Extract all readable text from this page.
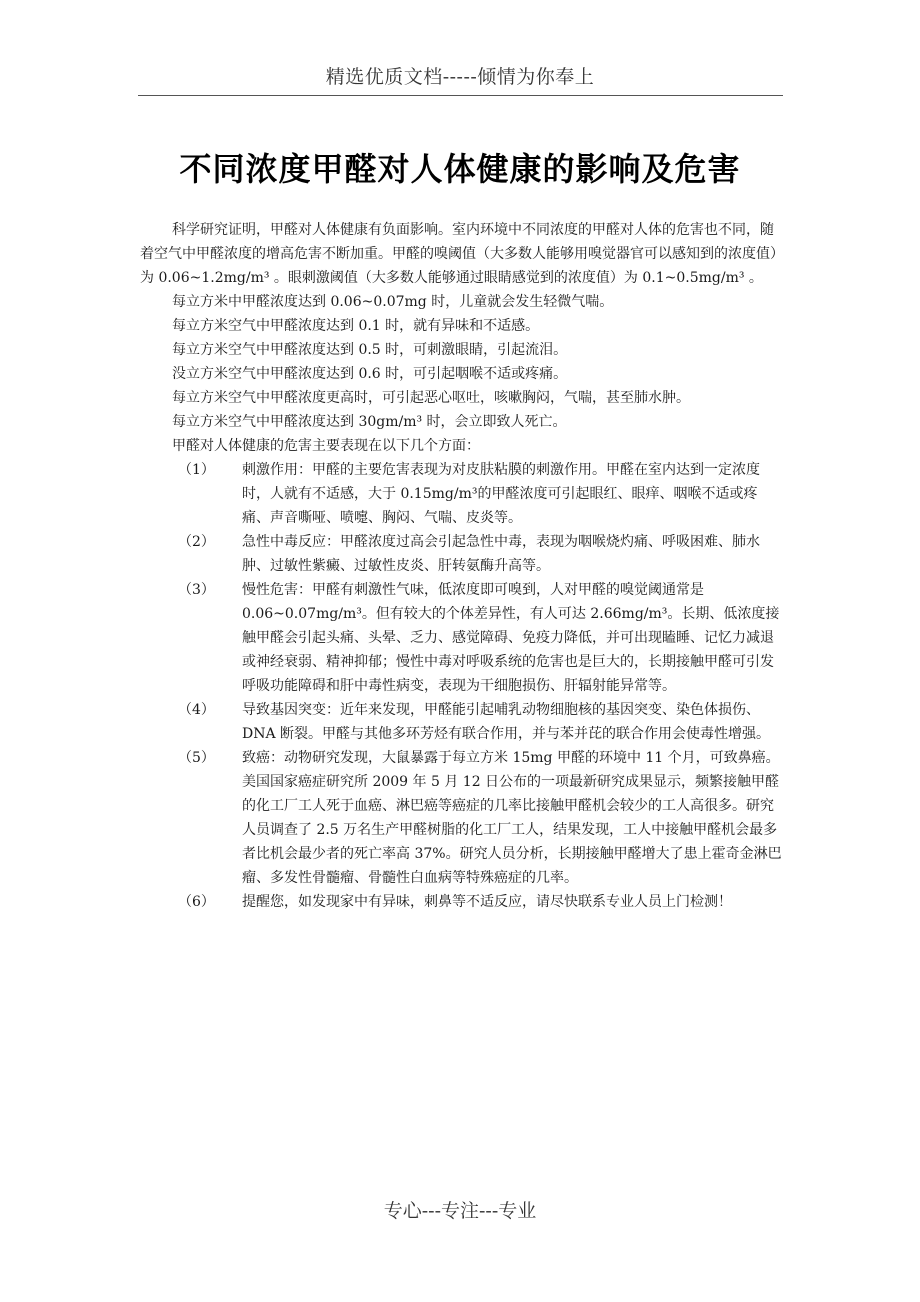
精选优质文档-----倾情为你奉上
不同浓度甲醛对人体健康的影响及危害

科学研究证明，甲醛对人体健康有负面影响。室内环境中不同浓度的甲醛对人体的危害也不同，随着空气中甲醛浓度的增高危害不断加重。甲醛的嗅阈值（大多数人能够用嗅觉器官可以感知到的浓度值）为 0.06~1.2mg/m³ 。眼刺激阈值（大多数人能够通过眼睛感觉到的浓度值）为 0.1~0.5mg/m³ 。

每立方米中甲醛浓度达到 0.06~0.07mg 时，儿童就会发生轻微气喘。

每立方米空气中甲醛浓度达到 0.1 时，就有异味和不适感。

每立方米空气中甲醛浓度达到 0.5 时，可刺激眼睛，引起流泪。

没立方米空气中甲醛浓度达到 0.6 时，可引起咽喉不适或疼痛。

每立方米空气中甲醛浓度更高时，可引起恶心呕吐，咳嗽胸闷，气喘，甚至肺水肿。

每立方米空气中甲醛浓度达到 30gm/m³ 时，会立即致人死亡。

甲醛对人体健康的危害主要表现在以下几个方面：

（1）	刺激作用：甲醛的主要危害表现为对皮肤粘膜的刺激作用。甲醛在室内达到一定浓度时，人就有不适感，大于 0.15mg/m³的甲醛浓度可引起眼红、眼痒、咽喉不适或疼痛、声音嘶哑、喷嚏、胸闷、气喘、皮炎等。
（2）	急性中毒反应：甲醛浓度过高会引起急性中毒，表现为咽喉烧灼痛、呼吸困难、肺水肿、过敏性紫癜、过敏性皮炎、肝转氨酶升高等。
（3）	慢性危害：甲醛有刺激性气味，低浓度即可嗅到，人对甲醛的嗅觉阈通常是 0.06~0.07mg/m³。但有较大的个体差异性，有人可达 2.66mg/m³。长期、低浓度接触甲醛会引起头痛、头晕、乏力、感觉障碍、免疫力降低，并可出现瞌睡、记忆力减退或神经衰弱、精神抑郁；慢性中毒对呼吸系统的危害也是巨大的，长期接触甲醛可引发呼吸功能障碍和肝中毒性病变，表现为干细胞损伤、肝辐射能异常等。
（4）	导致基因突变：近年来发现，甲醛能引起哺乳动物细胞核的基因突变、染色体损伤、DNA 断裂。甲醛与其他多环芳烃有联合作用，并与苯并芘的联合作用会使毒性增强。
（5）	致癌：动物研究发现，大鼠暴露于每立方米 15mg 甲醛的环境中 11 个月，可致鼻癌。美国国家癌症研究所 2009 年 5 月 12 日公布的一项最新研究成果显示，频繁接触甲醛的化工厂工人死于血癌、淋巴癌等癌症的几率比接触甲醛机会较少的工人高很多。研究人员调查了 2.5 万名生产甲醛树脂的化工厂工人，结果发现，工人中接触甲醛机会最多者比机会最少者的死亡率高 37%。研究人员分析，长期接触甲醛增大了患上霍奇金淋巴瘤、多发性骨髓瘤、骨髓性白血病等特殊癌症的几率。
（6）	提醒您，如发现家中有异味，刺鼻等不适反应，请尽快联系专业人员上门检测！
专心---专注---专业
